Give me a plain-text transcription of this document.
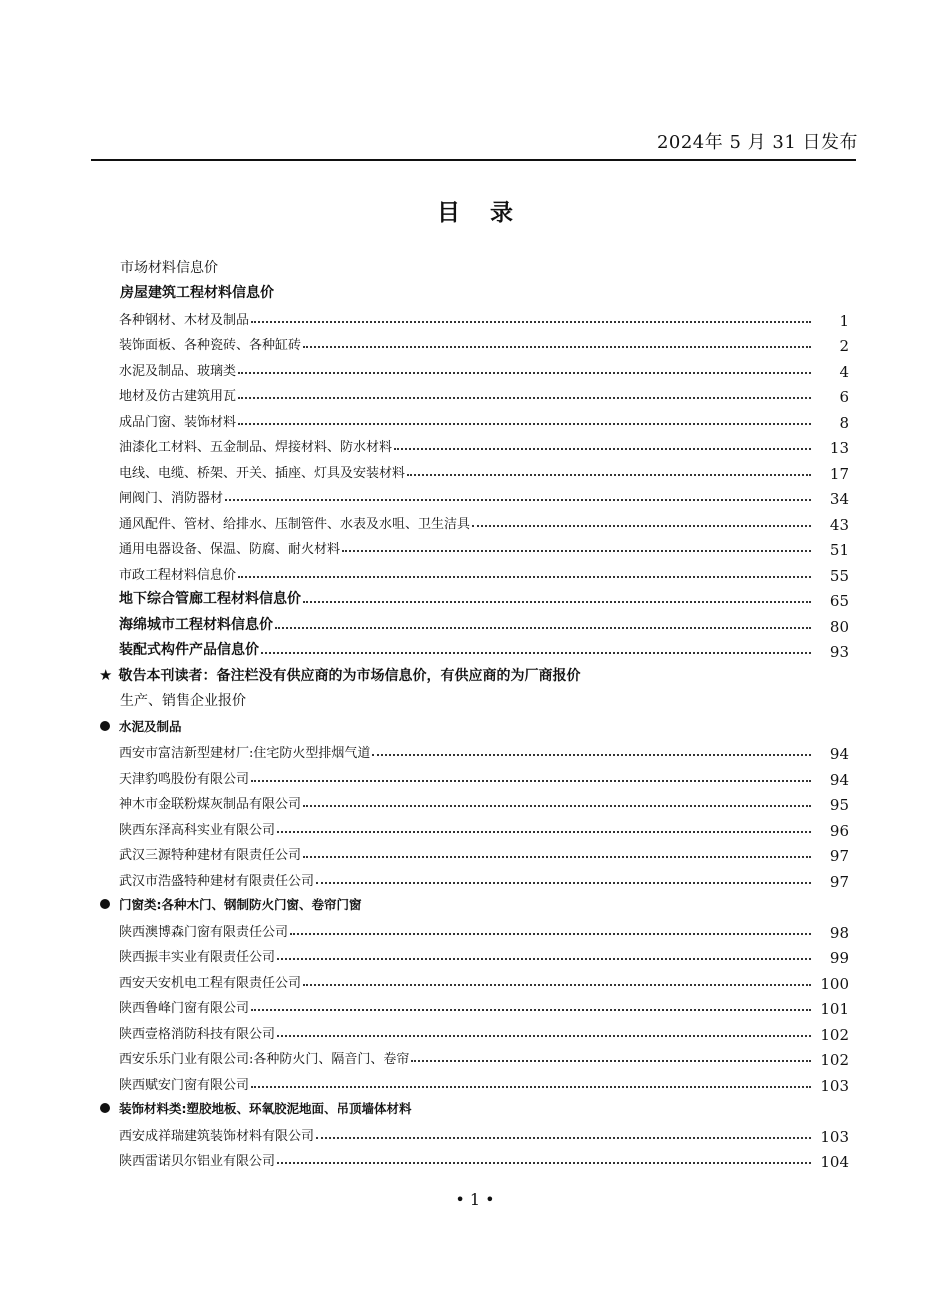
2024年 5 月 31 日发布
目录
市场材料信息价
房屋建筑工程材料信息价
各种钢材、木材及制品	1
装饰面板、各种瓷砖、各种缸砖	2
水泥及制品、玻璃类	4
地材及仿古建筑用瓦	6
成品门窗、装饰材料	8
油漆化工材料、五金制品、焊接材料、防水材料	13
电线、电缆、桥架、开关、插座、灯具及安装材料	17
闸阀门、消防器材	34
通风配件、管材、给排水、压制管件、水表及水咀、卫生洁具	43
通用电器设备、保温、防腐、耐火材料	51
市政工程材料信息价	55
地下综合管廊工程材料信息价	65
海绵城市工程材料信息价	80
装配式构件产品信息价	93
★ 敬告本刊读者：备注栏没有供应商的为市场信息价，有供应商的为厂商报价
生产、销售企业报价
水泥及制品
西安市富洁新型建材厂:住宅防火型排烟气道	94
天津豹鸣股份有限公司	94
神木市金联粉煤灰制品有限公司	95
陕西东泽高科实业有限公司	96
武汉三源特种建材有限责任公司	97
武汉市浩盛特种建材有限责任公司	97
门窗类:各种木门、钢制防火门窗、卷帘门窗
陕西澳博森门窗有限责任公司	98
陕西振丰实业有限责任公司	99
西安天安机电工程有限责任公司	100
陕西鲁峰门窗有限公司	101
陕西壹格消防科技有限公司	102
西安乐乐门业有限公司:各种防火门、隔音门、卷帘	102
陕西赋安门窗有限公司	103
装饰材料类:塑胶地板、环氧胶泥地面、吊顶墙体材料
西安成祥瑞建筑装饰材料有限公司	103
陕西雷诺贝尔铝业有限公司	104
• 1 •
